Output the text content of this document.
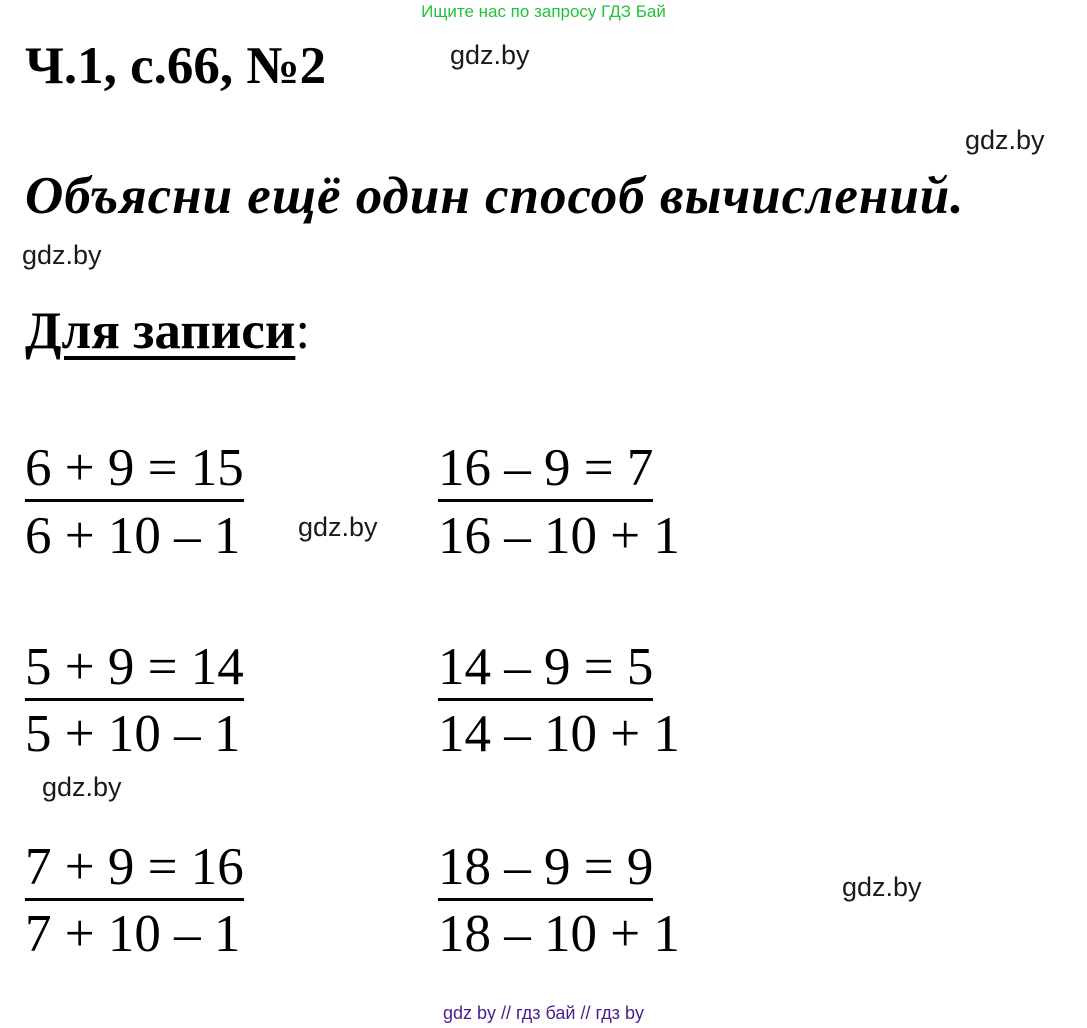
Ищите нас по запросу ГДЗ Бай
Ч.1, с.66, №2	gdz.by
gdz.by
Объясни ещё один способ вычислений.
gdz.by
Для записи:
6 + 9 = 15
6 + 10 – 1
16 – 9 = 7
16 – 10 + 1
gdz.by
5 + 9 = 14
5 + 10 – 1
14 – 9 = 5
14 – 10 + 1
gdz.by
7 + 9 = 16
7 + 10 – 1
18 – 9 = 9
18 – 10 + 1
gdz.by
gdz by // гдз бай // гдз by
